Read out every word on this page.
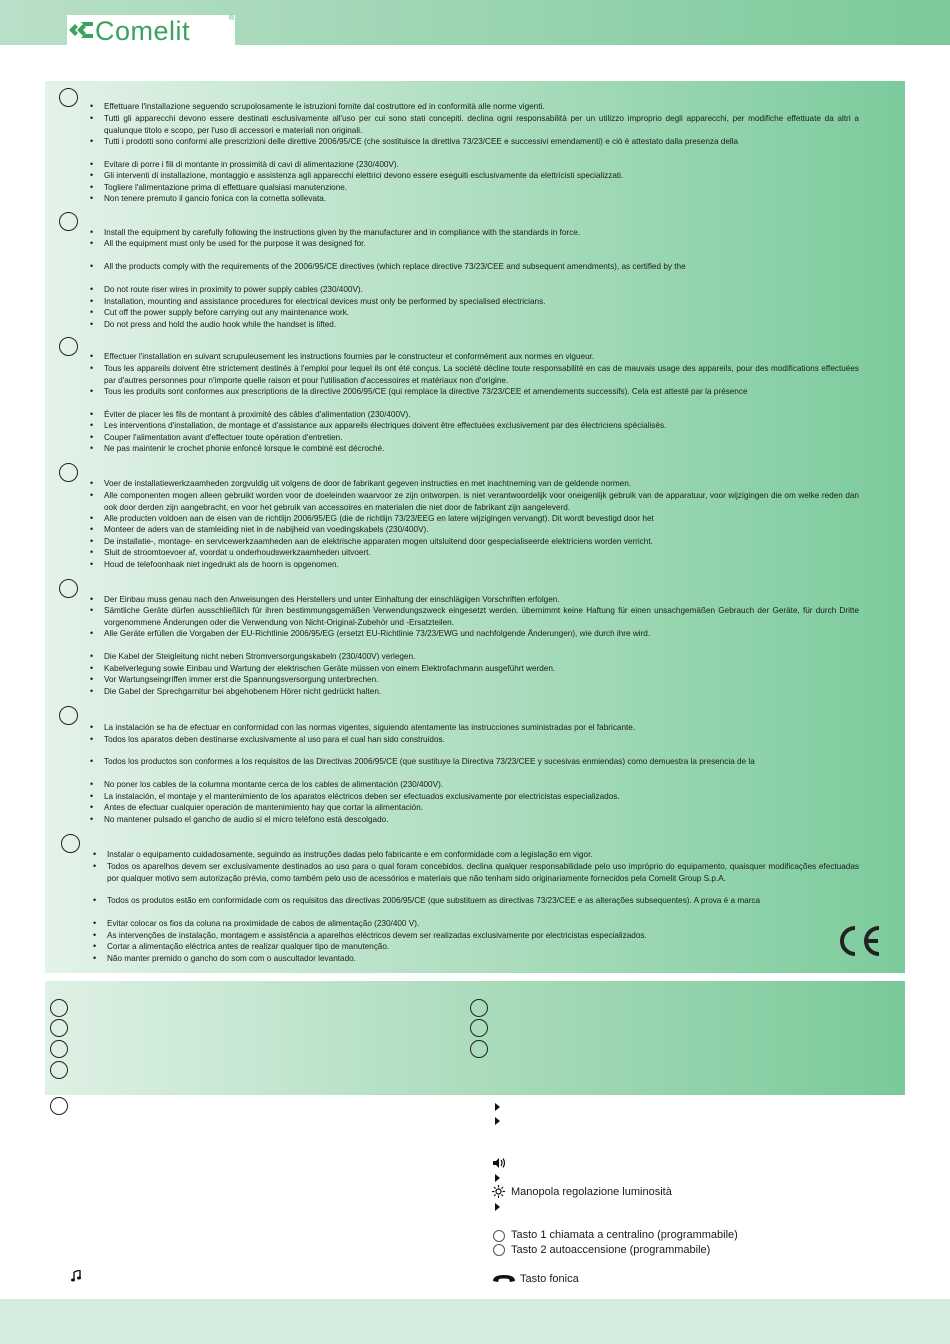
Comelit	®
Effettuare l'installazione seguendo scrupolosamente le istruzioni fornite dal costruttore ed in conformità alle norme vigenti.
•
Tutti gli apparecchi devono essere destinati esclusivamente all'uso per cui sono stati concepiti. declina ogni responsabilità per un utilizzo improprio degli apparecchi, per modifiche effettuate da altri a qualunque titolo e scopo, per l'uso di accessori e materiali non originali.
•
Tutti i prodotti sono conformi alle prescrizioni delle direttive 2006/95/CE (che sostituisce la direttiva 73/23/CEE e successivi emendamenti) e ciò è attestato dalla presenza della
•
Evitare di porre i fili di montante in prossimità di cavi di alimentazione (230/400V).
•
Gli interventi di installazione, montaggio e assistenza agli apparecchi elettrici devono essere eseguiti esclusivamente da elettricisti specializzati.
•
Togliere l'alimentazione prima di effettuare qualsiasi manutenzione.
•
Non tenere premuto il gancio fonica con la cornetta sollevata.
•
Install the equipment by carefully following the instructions given by the manufacturer and in compliance with the standards in force.
•
All the equipment must only be used for the purpose it was designed for.
•
All the products comply with the requirements of the 2006/95/CE directives (which replace directive 73/23/CEE and subsequent amendments), as certified by the
•
Do not route riser wires in proximity to power supply cables (230/400V).
•
Installation, mounting and assistance procedures for electrical devices must only be performed by specialised electricians.
•
Cut off the power supply before carrying out any maintenance work.
•
Do not press and hold the audio hook while the handset is lifted.
•
Effectuer l'installation en suivant scrupuleusement les instructions fournies par le constructeur et conformément aux normes en vigueur.
•
Tous les appareils doivent être strictement destinés à l'emploi pour lequel ils ont été conçus. La société décline toute responsabilité en cas de mauvais usage des appareils, pour des modifications effectuées par d'autres personnes pour n'importe quelle raison et pour l'utilisation d'accessoires et matériaux non d'origine.
•
Tous les produits sont conformes aux prescriptions de la directive 2006/95/CE (qui remplace la directive 73/23/CEE et amendements successifs). Cela est attesté par la présence
•
Éviter de placer les fils de montant à proximité des câbles d'alimentation (230/400V).
•
Les interventions d'installation, de montage et d'assistance aux appareils électriques doivent être effectuées exclusivement par des électriciens spécialisés.
•
Couper l'alimentation avant d'effectuer toute opération d'entretien.
•
Ne pas maintenir le crochet phonie enfoncé lorsque le combiné est décroché.
•
Voer de installatiewerkzaamheden zorgvuldig uit volgens de door de fabrikant gegeven instructies en met inachtneming van de geldende normen.
•
Alle componenten mogen alleen gebruikt worden voor de doeleinden waarvoor ze zijn ontworpen. is niet verantwoordelijk voor oneigenlijk gebruik van de apparatuur, voor wijzigingen die om welke reden dan ook door derden zijn aangebracht, en voor het gebruik van accessoires en materialen die niet door de fabrikant zijn aangeleverd.
•
Alle producten voldoen aan de eisen van de richtlijn 2006/95/EG (die de richtlijn 73/23/EEG en latere wijzigingen vervangt). Dit wordt bevestigd door het
•
Monteer de aders van de stamleiding niet in de nabijheid van voedingskabels (230/400V).
•
De installatie-, montage- en servicewerkzaamheden aan de elektrische apparaten mogen uitsluitend door gespecialiseerde elektriciens worden verricht.
•
Sluit de stroomtoevoer af, voordat u onderhoudswerkzaamheden uitvoert.
•
Houd de telefoonhaak niet ingedrukt als de hoorn is opgenomen.
•
Der Einbau muss genau nach den Anweisungen des Herstellers und unter Einhaltung der einschlägigen Vorschriften erfolgen.
•
Sämtliche Geräte dürfen ausschließlich für ihren bestimmungsgemäßen Verwendungszweck eingesetzt werden. übernimmt keine Haftung für einen unsachgemäßen Gebrauch der Geräte, für durch Dritte vorgenommene Änderungen oder die Verwendung von Nicht-Original-Zubehör und -Ersatzteilen.
•
Alle Geräte erfüllen die Vorgaben der EU-Richtlinie 2006/95/EG (ersetzt EU-Richtlinie 73/23/EWG und nachfolgende Änderungen), wie durch ihre wird.
•
Die Kabel der Steigleitung nicht neben Stromversorgungskabeln (230/400V) verlegen.
•
Kabelverlegung sowie Einbau und Wartung der elektrischen Geräte müssen von einem Elektrofachmann ausgeführt werden.
•
Vor Wartungseingriffen immer erst die Spannungsversorgung unterbrechen.
•
Die Gabel der Sprechgarnitur bei abgehobenem Hörer nicht gedrückt halten.
•
La instalación se ha de efectuar en conformidad con las normas vigentes, siguiendo atentamente las instrucciones suministradas por el fabricante.
•
Todos los aparatos deben destinarse exclusivamente al uso para el cual han sido construidos.
•
Todos los productos son conformes a los requisitos de las Directivas 2006/95/CE (que sustituye la Directiva 73/23/CEE y sucesivas enmiendas) como demuestra la presencia de la
•
No poner los cables de la columna montante cerca de los cables de alimentación (230/400V).
•
La instalación, el montaje y el mantenimiento de los aparatos eléctricos deben ser efectuados exclusivamente por electricistas especializados.
•
Antes de efectuar cualquier operación de mantenimiento hay que cortar la alimentación.
•
No mantener pulsado el gancho de audio si el micro teléfono está descolgado.
•
Instalar o equipamento cuidadosamente, seguindo as instruções dadas pelo fabricante e em conformidade com a legislação em vigor.
•
Todos os aparelhos devem ser exclusivamente destinados ao uso para o qual foram concebidos. declina qualquer responsabilidade pelo uso impróprio do equipamento, quaisquer modificações efectuadas por qualquer motivo sem autorização prévia, como também pelo uso de acessórios e materiais que não tenham sido originariamente fornecidos pela Comelit Group S.p.A.
•
Todos os produtos estão em conformidade com os requisitos das directivas 2006/95/CE (que substituem as directivas 73/23/CEE e as alterações subsequentes). A prova é a marca
•
Evitar colocar os fios da coluna na proximidade de cabos de alimentação (230/400 V).
•
As intervenções de instalação, montagem e assistência a aparelhos eléctricos devem ser realizadas exclusivamente por electricistas especializados.
•
Cortar a alimentação eléctrica antes de realizar qualquer tipo de manutenção.
•
Não manter premido o gancho do som com o auscultador levantado.
•
Manopola regolazione luminosità
Tasto 1 chiamata a centralino (programmabile)
Tasto 2 autoaccensione (programmabile)
Tasto fonica
